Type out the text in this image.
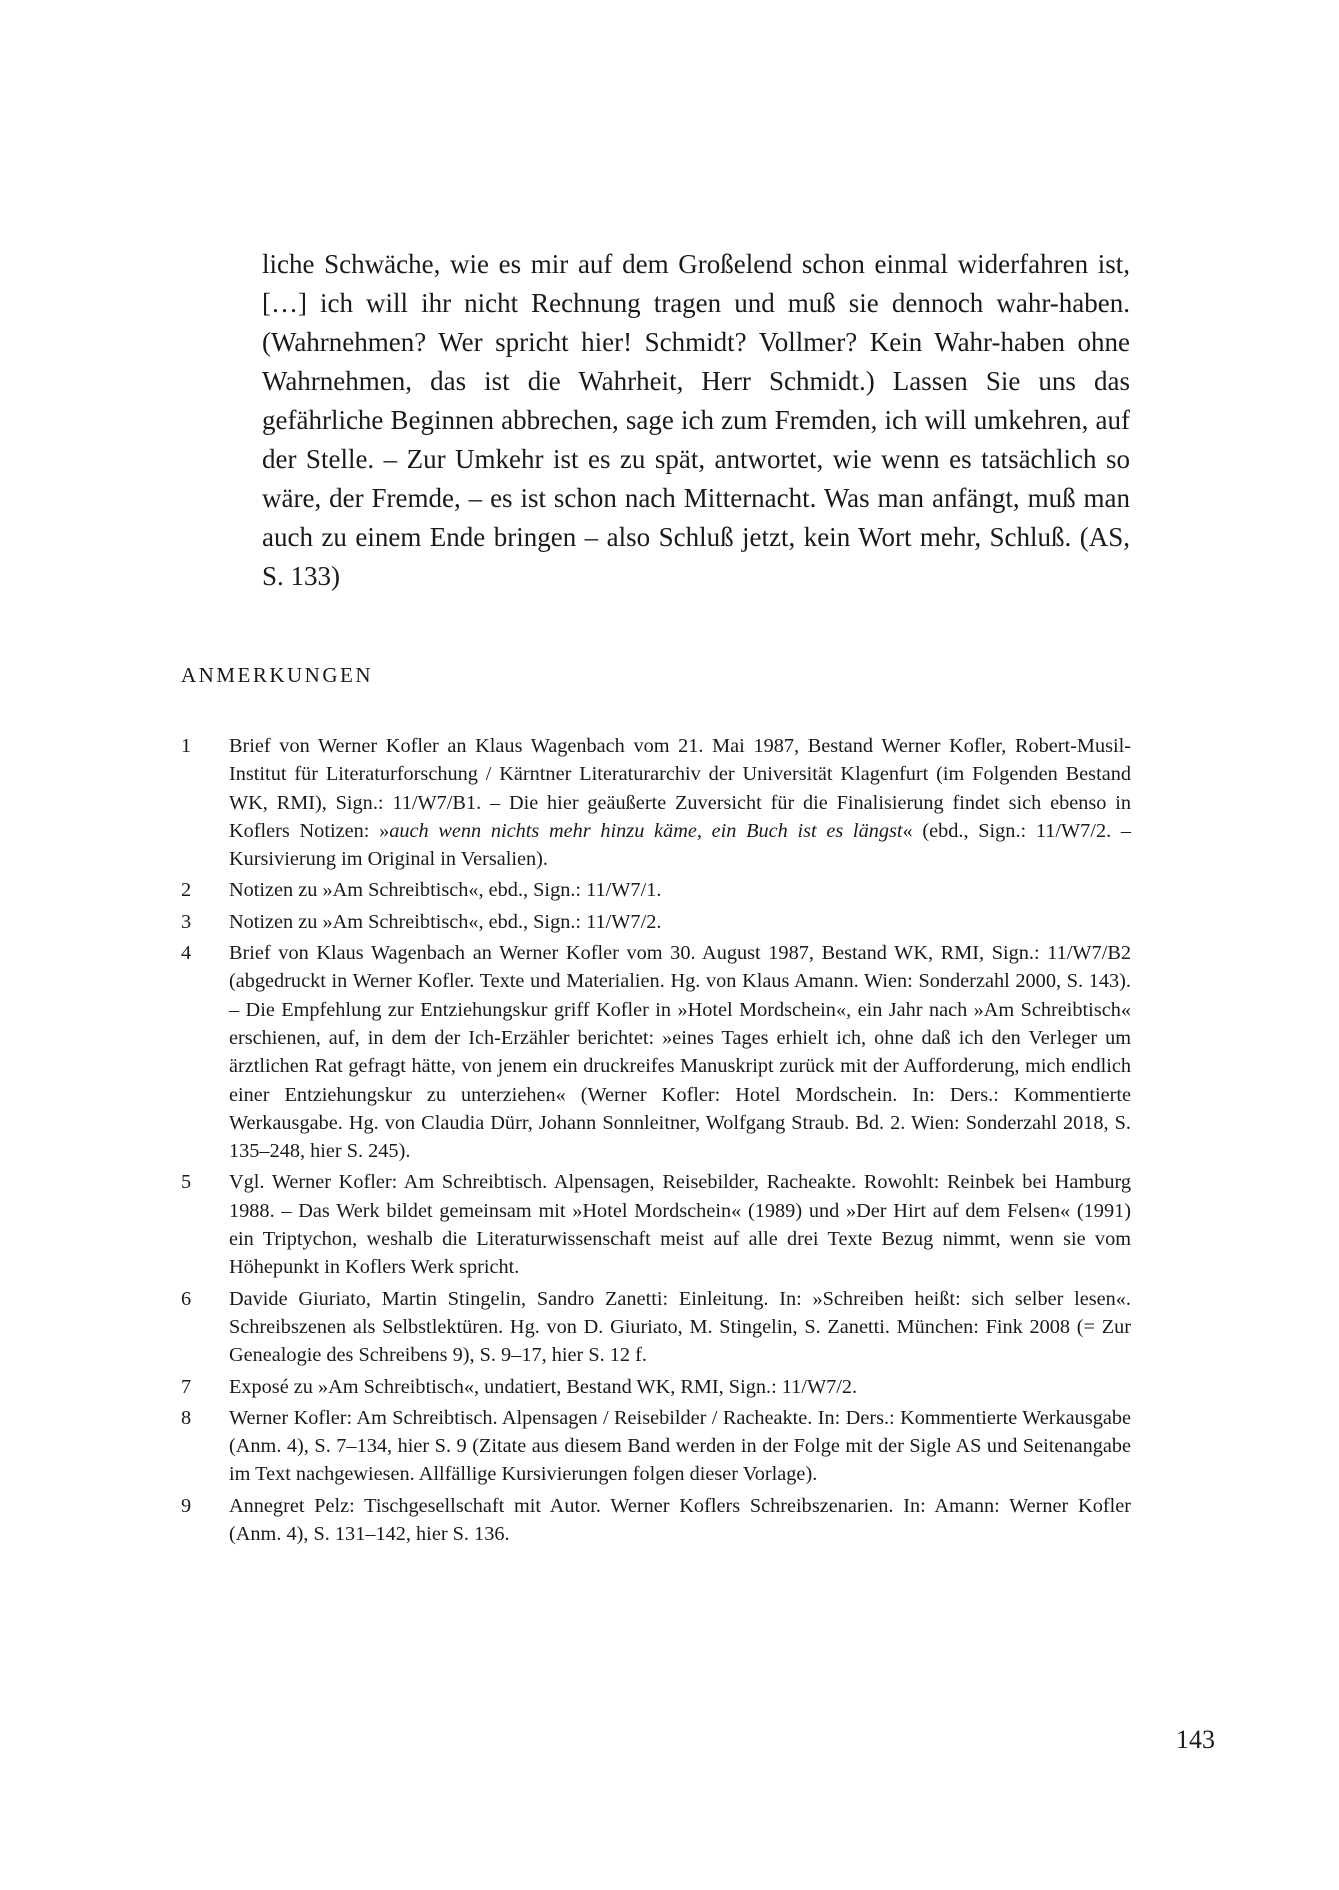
liche Schwäche, wie es mir auf dem Großelend schon einmal widerfahren ist, […] ich will ihr nicht Rechnung tragen und muß sie dennoch wahr-haben. (Wahrnehmen? Wer spricht hier! Schmidt? Vollmer? Kein Wahr-haben ohne Wahrnehmen, das ist die Wahrheit, Herr Schmidt.) Lassen Sie uns das gefährliche Beginnen abbrechen, sage ich zum Fremden, ich will umkehren, auf der Stelle. – Zur Umkehr ist es zu spät, antwortet, wie wenn es tatsächlich so wäre, der Fremde, – es ist schon nach Mitternacht. Was man anfängt, muß man auch zu einem Ende bringen – also Schluß jetzt, kein Wort mehr, Schluß. (AS, S. 133)

ANMERKUNGEN
1	Brief von Werner Kofler an Klaus Wagenbach vom 21. Mai 1987, Bestand Werner Kofler, Robert-Musil-Institut für Literaturforschung / Kärntner Literaturarchiv der Universität Klagenfurt (im Folgenden Bestand WK, RMI), Sign.: 11/W7/B1. – Die hier geäußerte Zuversicht für die Finalisierung findet sich ebenso in Koflers Notizen: »auch wenn nichts mehr hinzu käme, ein Buch ist es längst« (ebd., Sign.: 11/W7/2. – Kursivierung im Original in Versalien).
2	Notizen zu »Am Schreibtisch«, ebd., Sign.: 11/W7/1.
3	Notizen zu »Am Schreibtisch«, ebd., Sign.: 11/W7/2.
4	Brief von Klaus Wagenbach an Werner Kofler vom 30. August 1987, Bestand WK, RMI, Sign.: 11/W7/B2 (abgedruckt in Werner Kofler. Texte und Materialien. Hg. von Klaus Amann. Wien: Sonderzahl 2000, S. 143). – Die Empfehlung zur Entziehungskur griff Kofler in »Hotel Mordschein«, ein Jahr nach »Am Schreibtisch« erschienen, auf, in dem der Ich-Erzähler berichtet: »eines Tages erhielt ich, ohne daß ich den Verleger um ärztlichen Rat gefragt hätte, von jenem ein druckreifes Manuskript zurück mit der Aufforderung, mich endlich einer Entziehungskur zu unterziehen« (Werner Kofler: Hotel Mordschein. In: Ders.: Kommentierte Werkausgabe. Hg. von Claudia Dürr, Johann Sonnleitner, Wolfgang Straub. Bd. 2. Wien: Sonderzahl 2018, S. 135–248, hier S. 245).
5	Vgl. Werner Kofler: Am Schreibtisch. Alpensagen, Reisebilder, Racheakte. Rowohlt: Reinbek bei Hamburg 1988. – Das Werk bildet gemeinsam mit »Hotel Mordschein« (1989) und »Der Hirt auf dem Felsen« (1991) ein Triptychon, weshalb die Literaturwissenschaft meist auf alle drei Texte Bezug nimmt, wenn sie vom Höhepunkt in Koflers Werk spricht.
6	Davide Giuriato, Martin Stingelin, Sandro Zanetti: Einleitung. In: »Schreiben heißt: sich selber lesen«. Schreibszenen als Selbstlektüren. Hg. von D. Giuriato, M. Stingelin, S. Zanetti. München: Fink 2008 (= Zur Genealogie des Schreibens 9), S. 9–17, hier S. 12 f.
7	Exposé zu »Am Schreibtisch«, undatiert, Bestand WK, RMI, Sign.: 11/W7/2.
8	Werner Kofler: Am Schreibtisch. Alpensagen / Reisebilder / Racheakte. In: Ders.: Kommentierte Werkausgabe (Anm. 4), S. 7–134, hier S. 9 (Zitate aus diesem Band werden in der Folge mit der Sigle AS und Seitenangabe im Text nachgewiesen. Allfällige Kursivierungen folgen dieser Vorlage).
9	Annegret Pelz: Tischgesellschaft mit Autor. Werner Koflers Schreibszenarien. In: Amann: Werner Kofler (Anm. 4), S. 131–142, hier S. 136.
143
